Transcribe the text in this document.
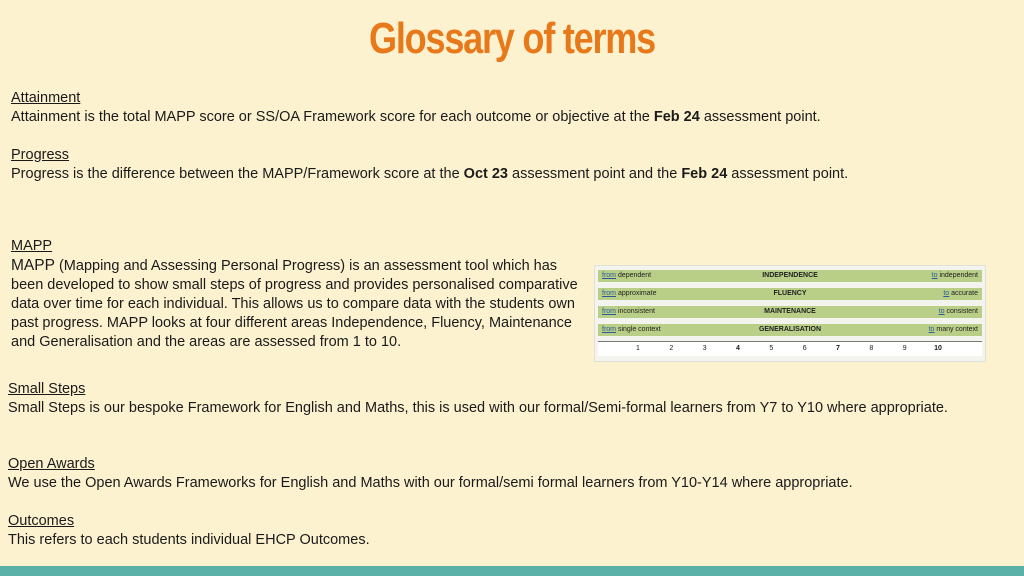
Glossary of terms
Attainment
Attainment is the total MAPP score or SS/OA Framework score for each outcome or objective at the Feb 24 assessment point.
Progress
Progress is the difference between the MAPP/Framework score at the Oct 23 assessment point and the Feb 24 assessment point.
MAPP
MAPP (Mapping and Assessing Personal Progress) is an assessment tool which has been developed to show small steps of progress and provides personalised comparative data over time for each individual. This allows us to compare data with the students own past progress. MAPP looks at four different areas Independence, Fluency, Maintenance and Generalisation and the areas are assessed from 1 to 10.
from dependent	INDEPENDENCE	to independent
from approximate	FLUENCY	to accurate
from inconsistent	MAINTENANCE	to consistent
from single context	GENERALISATION	to many context
1	2	3	4	5	6	7	8	9	10
Small Steps
Small Steps is our bespoke Framework for English and Maths, this is used with our formal/Semi-formal learners from Y7 to Y10 where appropriate.
Open Awards
We use the Open Awards Frameworks for English and Maths with our formal/semi formal learners from Y10-Y14 where appropriate.
Outcomes
This refers to each students individual EHCP Outcomes.
